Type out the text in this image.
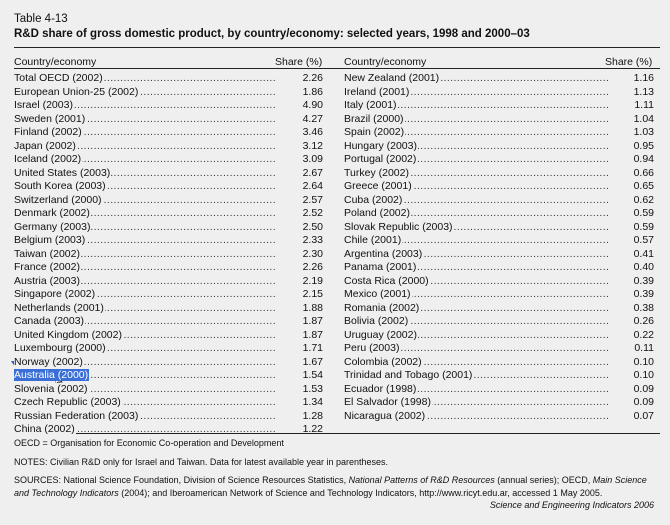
Table 4-13
R&D share of gross domestic product, by country/economy: selected years, 1998 and 2000–03
Country/economy	Share (%) Country/economy	Share (%)
Total OECD (2002) .....	2.26
European Union-25 (2002) .....	1.86
Israel (2003) .....	4.90
Sweden (2001) .....	4.27
Finland (2002) .....	3.46
Japan (2002) .....	3.12
Iceland (2002) .....	3.09
United States (2003) .....	2.67
South Korea (2003) .....	2.64
Switzerland (2000) .....	2.57
Denmark (2002) .....	2.52
Germany (2003) .....	2.50
Belgium (2003) .....	2.33
Taiwan (2002) .....	2.30
France (2002) .....	2.26
Austria (2003) .....	2.19
Singapore (2002) .....	2.15
Netherlands (2001) .....	1.88
Canada (2003) .....	1.87
United Kingdom (2002) .....	1.87
Luxembourg (2000) .....	1.71
Norway (2002) .....	1.67
Australia (2000) .....	1.54
Slovenia (2002) .....	1.53
Czech Republic (2003) .....	1.34
Russian Federation (2003) .....	1.28
China (2002) .....	1.22
New Zealand (2001) .....	1.16
Ireland (2001) .....	1.13
Italy (2001) .....	1.11
Brazil (2000) .....	1.04
Spain (2002) .....	1.03
Hungary (2003) .....	0.95
Portugal (2002) .....	0.94
Turkey (2002) .....	0.66
Greece (2001) .....	0.65
Cuba (2002) .....	0.62
Poland (2002) .....	0.59
Slovak Republic (2003) .....	0.59
Chile (2001) .....	0.57
Argentina (2003) .....	0.41
Panama (2001) .....	0.40
Costa Rica (2000) .....	0.39
Mexico (2001) .....	0.39
Romania (2002) .....	0.38
Bolivia (2002) .....	0.26
Uruguay (2002) .....	0.22
Peru (2003) .....	0.11
Colombia (2002) .....	0.10
Trinidad and Tobago (2001) .....	0.10
Ecuador (1998) .....	0.09
El Salvador (1998) .....	0.09
Nicaragua (2002) .....	0.07
OECD = Organisation for Economic Co-operation and Development
NOTES: Civilian R&D only for Israel and Taiwan. Data for latest available year in parentheses.
SOURCES: National Science Foundation, Division of Science Resources Statistics, National Patterns of R&D Resources (annual series); OECD, Main Science and Technology Indicators (2004); and Iberoamerican Network of Science and Technology Indicators, http://www.ricyt.edu.ar, accessed 1 May 2005.
Science and Engineering Indicators 2006
